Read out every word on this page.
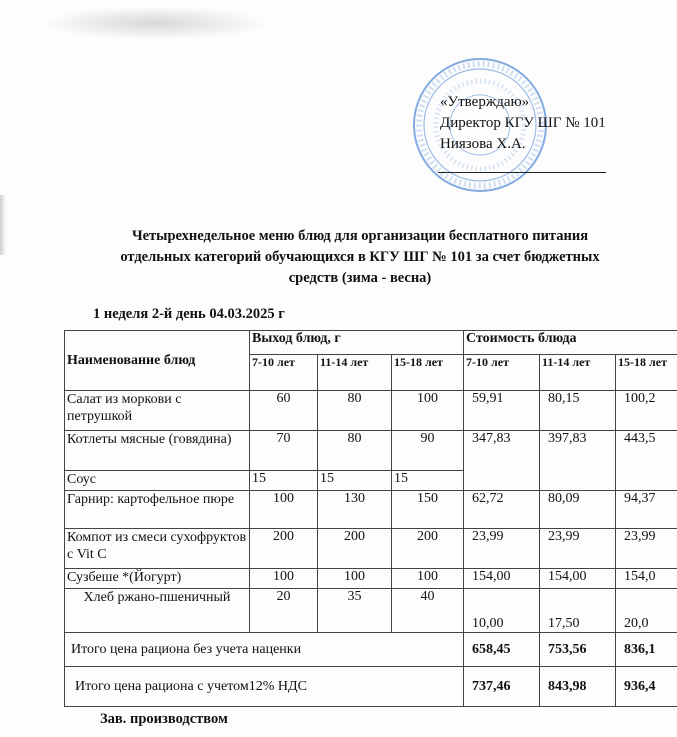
«Утверждаю»
Директор КГУ ШГ № 101
Ниязова Х.А.
Четырехнедельное меню блюд для организации бесплатного питания
отдельных категорий обучающихся в КГУ ШГ № 101 за счет бюджетных
средств (зима - весна)
1 неделя 2-й день 04.03.2025 г
Наименование блюд	Выход блюд, г			Стоимость блюда		
	7-10 лет	11-14 лет	15-18 лет	7-10 лет	11-14 лет	15-18 лет
Салат из моркови с петрушкой	60	80	100	59,91	80,15	100,2
Котлеты мясные (говядина)	70	80	90	347,83	397,83	443,5
Соус	15	15	15			
Гарнир: картофельное пюре	100	130	150	62,72	80,09	94,37
Компот из смеси сухофруктов с Vit C	200	200	200	23,99	23,99	23,99
Сузбеше *(Йогурт)	100	100	100	154,00	154,00	154,0
Хлеб ржано-пшеничный	20	35	40	10,00	17,50	20,0
Итого цена рациона без учета наценки				658,45	753,56	836,1
Итого цена рациона с учетом12% НДС				737,46	843,98	936,4
Зав. производством
